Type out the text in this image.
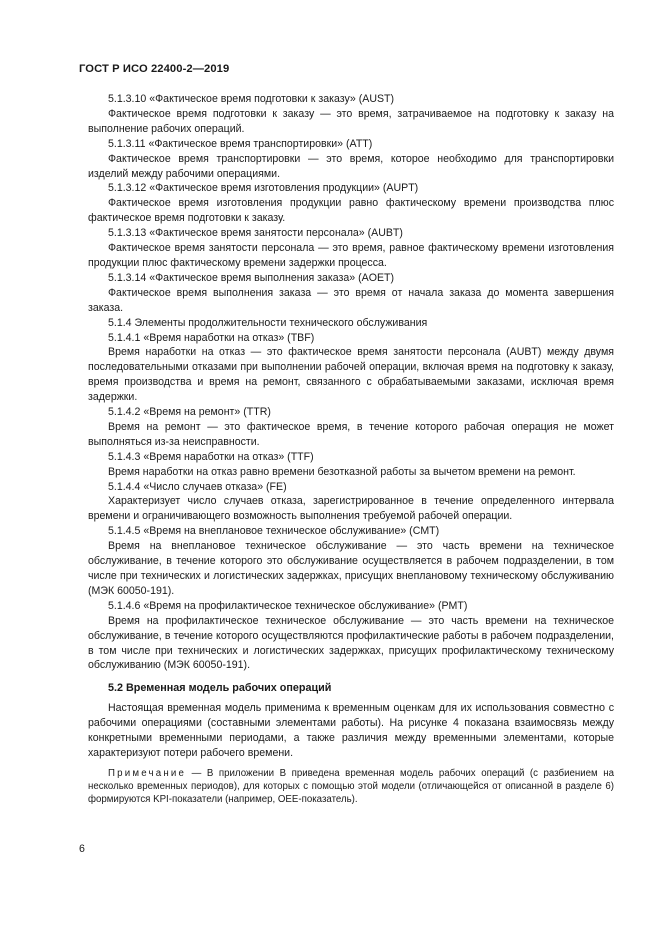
ГОСТ Р ИСО 22400-2—2019

5.1.3.10 «Фактическое время подготовки к заказу» (AUST)

Фактическое время подготовки к заказу — это время, затрачиваемое на подготовку к заказу на выполнение рабочих операций.

5.1.3.11 «Фактическое время транспортировки» (ATT)

Фактическое время транспортировки — это время, которое необходимо для транспортировки изделий между рабочими операциями.

5.1.3.12 «Фактическое время изготовления продукции» (AUPT)

Фактическое время изготовления продукции равно фактическому времени производства плюс фактическое время подготовки к заказу.

5.1.3.13 «Фактическое время занятости персонала» (AUBT)

Фактическое время занятости персонала — это время, равное фактическому времени изготовления продукции плюс фактическому времени задержки процесса.

5.1.3.14 «Фактическое время выполнения заказа» (AOET)

Фактическое время выполнения заказа — это время от начала заказа до момента завершения заказа.

5.1.4 Элементы продолжительности технического обслуживания

5.1.4.1 «Время наработки на отказ» (TBF)

Время наработки на отказ — это фактическое время занятости персонала (AUBT) между двумя последовательными отказами при выполнении рабочей операции, включая время на подготовку к заказу, время производства и время на ремонт, связанного с обрабатываемыми заказами, исключая время задержки.

5.1.4.2 «Время на ремонт» (TTR)

Время на ремонт — это фактическое время, в течение которого рабочая операция не может выполняться из-за неисправности.

5.1.4.3 «Время наработки на отказ» (TTF)

Время наработки на отказ равно времени безотказной работы за вычетом времени на ремонт.

5.1.4.4 «Число случаев отказа» (FE)

Характеризует число случаев отказа, зарегистрированное в течение определенного интервала времени и ограничивающего возможность выполнения требуемой рабочей операции.

5.1.4.5 «Время на внеплановое техническое обслуживание» (CMT)

Время на внеплановое техническое обслуживание — это часть времени на техническое обслуживание, в течение которого это обслуживание осуществляется в рабочем подразделении, в том числе при технических и логистических задержках, присущих внеплановому техническому обслуживанию (МЭК 60050-191).

5.1.4.6 «Время на профилактическое техническое обслуживание» (PMT)

Время на профилактическое техническое обслуживание — это часть времени на техническое обслуживание, в течение которого осуществляются профилактические работы в рабочем подразделении, в том числе при технических и логистических задержках, присущих профилактическому техническому обслуживанию (МЭК 60050-191).

5.2 Временная модель рабочих операций

Настоящая временная модель применима к временным оценкам для их использования совместно с рабочими операциями (составными элементами работы). На рисунке 4 показана взаимосвязь между конкретными временными периодами, а также различия между временными элементами, которые характеризуют потери рабочего времени.

Примечание — В приложении В приведена временная модель рабочих операций (с разбиением на несколько временных периодов), для которых с помощью этой модели (отличающейся от описанной в разделе 6) формируются KPI-показатели (например, OEE-показатель).

6
